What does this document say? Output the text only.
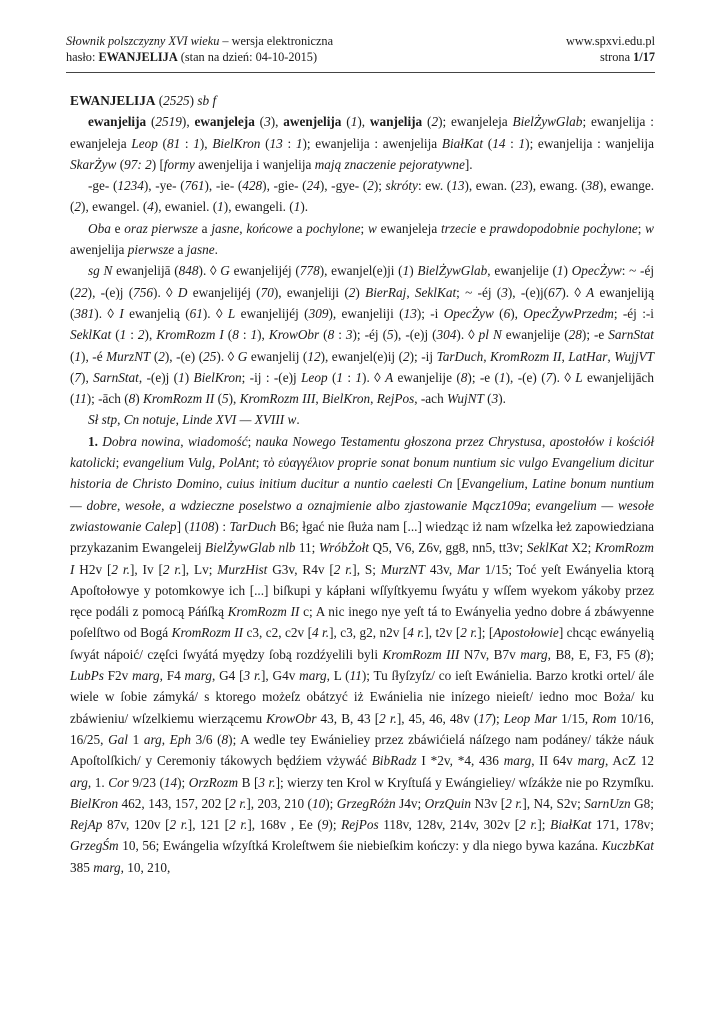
Słownik polszczyzny XVI wieku – wersja elektroniczna	www.spxvi.edu.pl
hasło: EWANJELIJA (stan na dzień: 04-10-2015)	strona 1/17

EWANJELIJA (2525) sb f

ewanjelija (2519), ewanjeleja (3), awenjelija (1), wanjelija (2); ewanjeleja BielŻywGlab; ewanjelija : ewanjeleja Leop (81 : 1), BielKron (13 : 1); ewanjelija : awenjelija BiałKat (14 : 1); ewanjelija : wanjelija SkarŻyw (97: 2) [formy awenjelija i wanjelija mają znaczenie pejoratywne].

-ge- (1234), -ye- (761), -ie- (428), -gie- (24), -gye- (2); skróty: ew. (13), ewan. (23), ewang. (38), ewange. (2), ewangel. (4), ewaniel. (1), ewangeli. (1).

Oba e oraz pierwsze a jasne, końcowe a pochylone; w ewanjeleja trzecie e prawdopodobnie pochylone; w awenjelija pierwsze a jasne.

sg N ewanjelijā (848). ◊ G ewanjelijéj (778), ewanjel(e)ji (1) BielŻywGlab, ewanjelije (1) OpecŻyw: ~ -éj (22), -(e)j (756). ◊ D ewanjelijéj (70), ewanjeliji (2) BierRaj, SeklKat; ~ -éj (3), -(e)j(67). ◊ A ewanjeliją (381). ◊ I ewanjelią (61). ◊ L ewanjelijéj (309), ewanjeliji (13); -i OpecŻyw (6), OpecŻywPrzedm; -éj :-i SeklKat (1 : 2), KromRozm I (8 : 1), KrowObr (8 : 3); -éj (5), -(e)j (304). ◊ pl N ewanjelije (28); -e SarnStat (1), -é MurzNT (2), -(e) (25). ◊ G ewanjelij (12), ewanjel(e)ij (2); -ij TarDuch, KromRozm II, LatHar, WujjVT (7), SarnStat, -(e)j (1) BielKron; -ij : -(e)j Leop (1 : 1). ◊ A ewanjelije (8); -e (1), -(e) (7). ◊ L ewanjelijāch (11); -āch (8) KromRozm II (5), KromRozm III, BielKron, RejPos, -ach WujNT (3).

Sł stp, Cn notuje, Linde XVI — XVIII w.

1. Dobra nowina, wiadomość; nauka Nowego Testamentu głoszona przez Chrystusa, apostołów i kościół katolicki; evangelium Vulg, PolAnt; τὸ εὐαγγέλιον proprie sonat bonum nuntium sic vulgo Evangelium dicitur historia de Christo Domino, cuius initium ducitur a nuntio caelesti Cn [Evangelium, Latine bonum nuntium — dobre, wesołe, a wdzieczne poselstwo a oznajmienie albo zjastowanie Mącz109a; evangelium — wesołe zwiastowanie Calep] (1108) : TarDuch B6; łgać nie ſłuża nam [...] wiedząc iż nam wſzelka łeż zapowiedziana przykazanim Ewangeleij BielŻywGlab nlb 11; WróbŻołt Q5, V6, Z6v, gg8, nn5, tt3v; SeklKat X2; KromRozm I H2v [2 r.], Iv [2 r.], Lv; MurzHist G3v, R4v [2 r.], S; MurzNT 43v, Mar 1/15; Toć yeſt Ewányelia ktorą Apoſtołowye y potomkowye ich [...] biſkupi y kápłani wſſyſtkyemu ſwyátu y wſſem wyekom yákoby przez ręce podáli z pomocą Páńſką KromRozm II c; A nic inego nye yeſt tá to Ewányelia yedno dobre á zbáwyenne poſelſtwo od Bogá KromRozm II c3, c2, c2v [4 r.], c3, g2, n2v [4 r.], t2v [2 r.]; [Apostołowie] chcąc ewányelią ſwyát nápoić/ częſci ſwyátá myędzy ſobą rozdźyelili byli KromRozm III N7v, B7v marg, B8, E, F3, F5 (8); LubPs F2v marg, F4 marg, G4 [3 r.], G4v marg, L (11); Tu ſłyſzyſz/ co ieſt Ewánielia. Barzo krotki ortel/ ále wiele w ſobie zámyká/ s ktorego możeſz obátzyć iż Ewánielia nie inízego nieieſt/ iedno moc Boża/ ku zbáwieniu/ wſzelkiemu wierzącemu KrowObr 43, B, 43 [2 r.], 45, 46, 48v (17); Leop Mar 1/15, Rom 10/16, 16/25, Gal 1 arg, Eph 3/6 (8); A wedle tey Ewánieliey przez zbáwićielá náſzego nam podáney/ tákże náuk Apoſtolſkich/ y Ceremoniy tákowych będźiem vżywáć BibRadz I *2v, *4, 436 marg, II 64v marg, AcZ 12 arg, 1. Cor 9/23 (14); OrzRozm B [3 r.]; wierzy ten Krol w Kryſtuſá y Ewángieliey/ wſzákże nie po Rzymſku. BielKron 462, 143, 157, 202 [2 r.], 203, 210 (10); GrzegRóżn J4v; OrzQuin N3v [2 r.], N4, S2v; SarnUzn G8; RejAp 87v, 120v [2 r.], 121 [2 r.], 168v , Ee (9); RejPos 118v, 128v, 214v, 302v [2 r.]; BiałKat 171, 178v; GrzegŚm 10, 56; Ewángelia wſzyſtká Kroleſtwem śie niebieſkim kończy: y dla niego bywa kazána. KuczbKat 385 marg, 10, 210,
